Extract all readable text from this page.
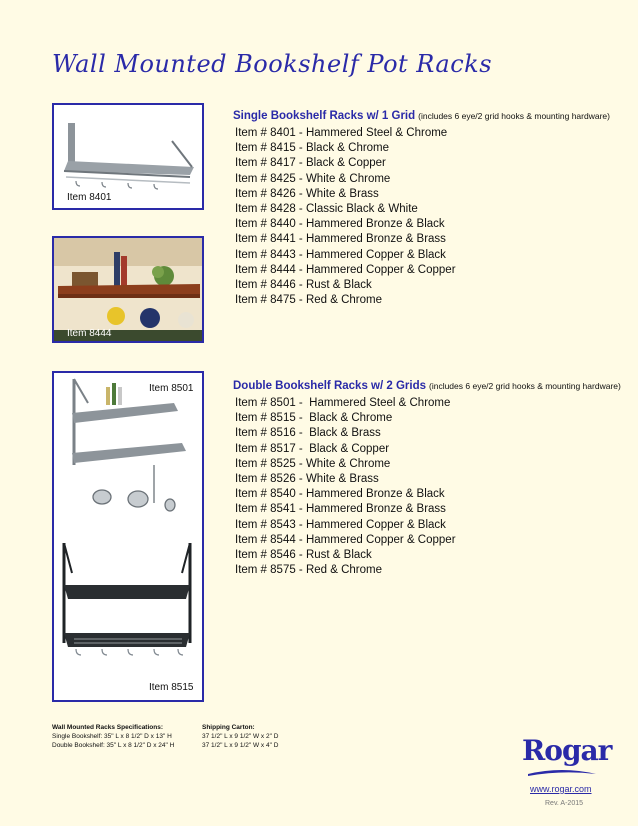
Wall Mounted Bookshelf Pot Racks
Item 8401
Item 8444
Item 8501
Item 8515
Single Bookshelf Racks w/ 1 Grid (includes 6 eye/2 grid hooks & mounting hardware)
Item # 8401 - Hammered Steel & Chrome
Item # 8415 - Black & Chrome
Item # 8417 - Black & Copper
Item # 8425 - White & Chrome
Item # 8426 - White & Brass
Item # 8428 - Classic Black & White
Item # 8440 - Hammered Bronze & Black
Item # 8441 - Hammered Bronze & Brass
Item # 8443 - Hammered Copper & Black
Item # 8444 - Hammered Copper & Copper
Item # 8446 - Rust & Black
Item # 8475 - Red & Chrome
Double Bookshelf Racks w/ 2 Grids (includes 6 eye/2 grid hooks & mounting hardware)
Item # 8501 -  Hammered Steel & Chrome
Item # 8515 -  Black & Chrome
Item # 8516 -  Black & Brass
Item # 8517 -  Black & Copper
Item # 8525 - White & Chrome
Item # 8526 - White & Brass
Item # 8540 - Hammered Bronze & Black
Item # 8541 - Hammered Bronze & Brass
Item # 8543 - Hammered Copper & Black
Item # 8544 - Hammered Copper & Copper
Item # 8546 - Rust & Black
Item # 8575 - Red & Chrome
Wall Mounted Racks Specifications:
Single Bookshelf: 35" L x 8 1/2" D x 13" H
Double Bookshelf: 35" L x 8 1/2" D x 24" H
Shipping Carton:
37 1/2" L x 9 1/2" W x 2" D
37 1/2" L x 9 1/2" W x 4" D	Rogar
www.rogar.com
Rev. A-2015
